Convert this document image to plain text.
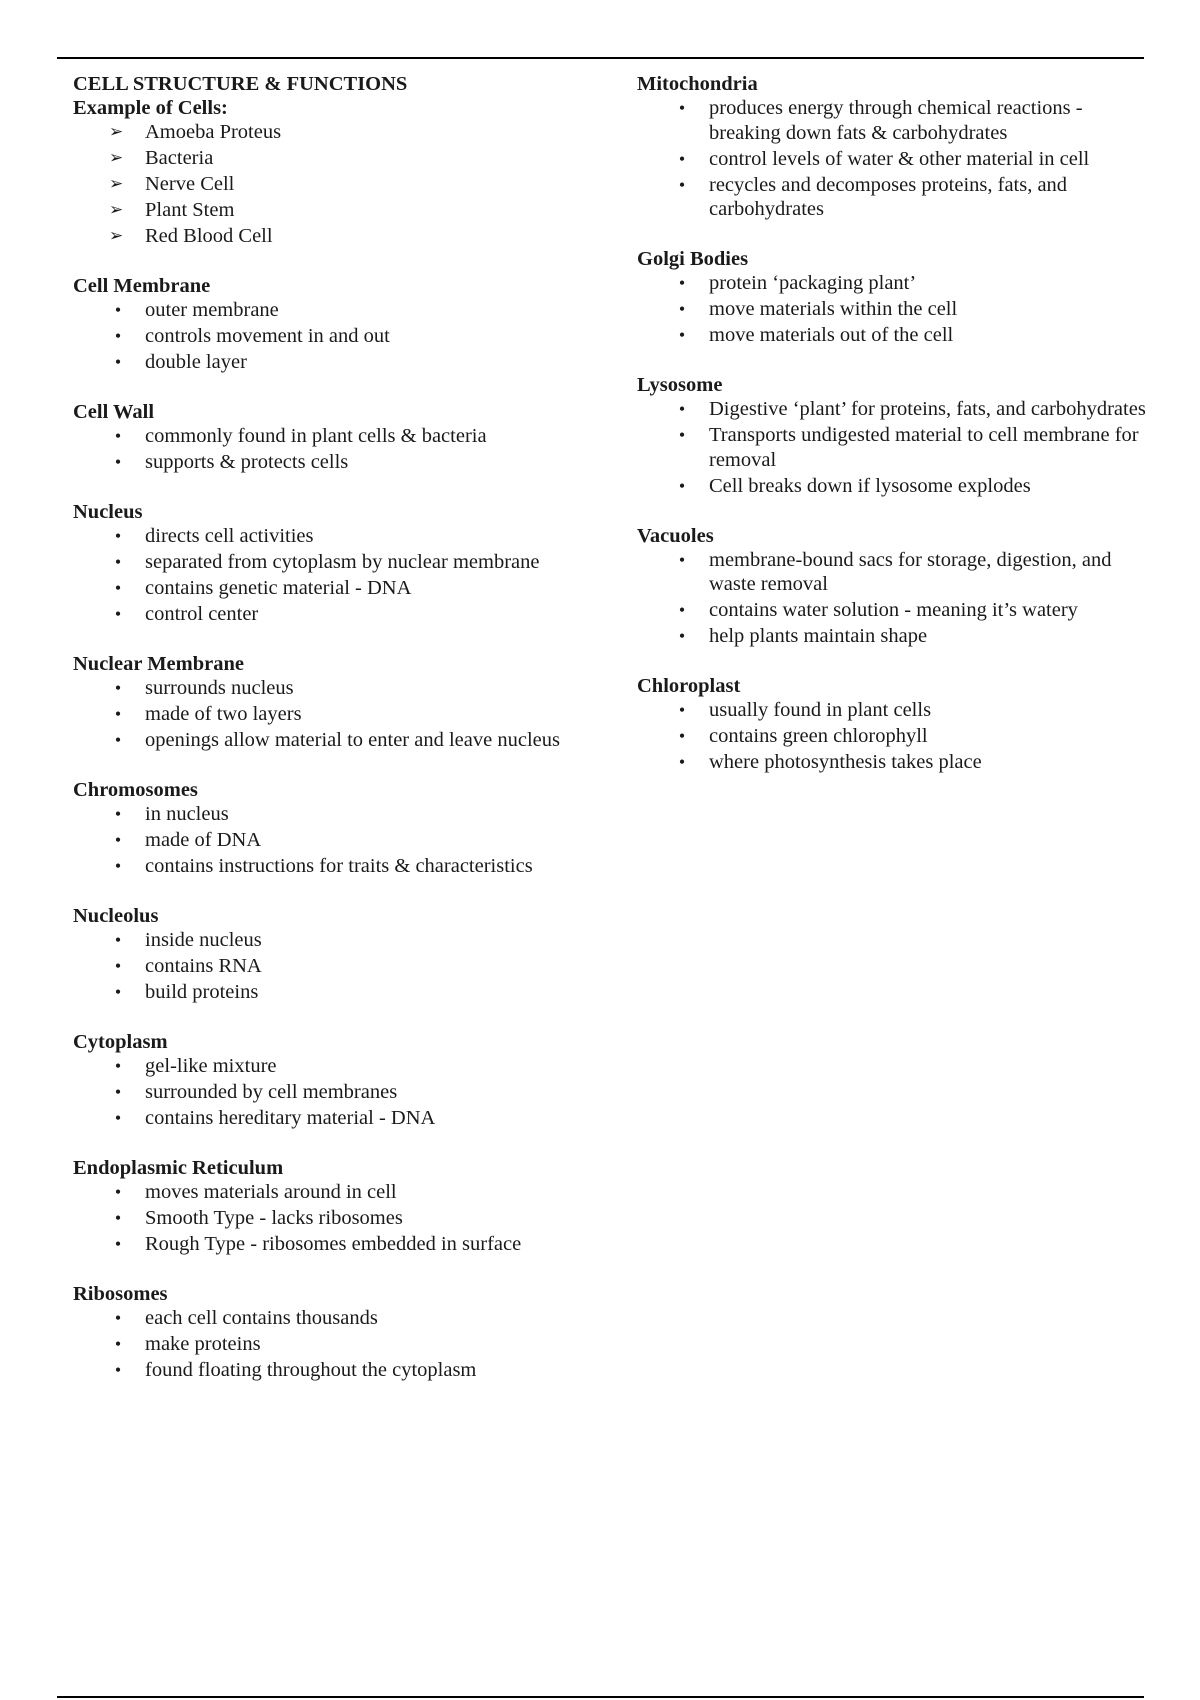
CELL STRUCTURE & FUNCTIONS
Example of Cells:
➢ Amoeba Proteus
➢ Bacteria
➢ Nerve Cell
➢ Plant Stem
➢ Red Blood Cell
Cell Membrane
• outer membrane
• controls movement in and out
• double layer
Cell Wall
• commonly found in plant cells & bacteria
• supports & protects cells
Nucleus
• directs cell activities
• separated from cytoplasm by nuclear membrane
• contains genetic material - DNA
• control center
Nuclear Membrane
• surrounds nucleus
• made of two layers
• openings allow material to enter and leave nucleus
Chromosomes
• in nucleus
• made of DNA
• contains instructions for traits & characteristics
Nucleolus
• inside nucleus
• contains RNA
• build proteins
Cytoplasm
• gel-like mixture
• surrounded by cell membranes
• contains hereditary material - DNA
Endoplasmic Reticulum
• moves materials around in cell
• Smooth Type - lacks ribosomes
• Rough Type - ribosomes embedded in surface
Ribosomes
• each cell contains thousands
• make proteins
• found floating throughout the cytoplasm
Mitochondria
• produces energy through chemical reactions - breaking down fats & carbohydrates
• control levels of water & other material in cell
• recycles and decomposes proteins, fats, and carbohydrates
Golgi Bodies
• protein ‘packaging plant’
• move materials within the cell
• move materials out of the cell
Lysosome
• Digestive ‘plant’ for proteins, fats, and carbohydrates
• Transports undigested material to cell membrane for removal
• Cell breaks down if lysosome explodes
Vacuoles
• membrane-bound sacs for storage, digestion, and waste removal
• contains water solution - meaning it’s watery
• help plants maintain shape
Chloroplast
• usually found in plant cells
• contains green chlorophyll
• where photosynthesis takes place
